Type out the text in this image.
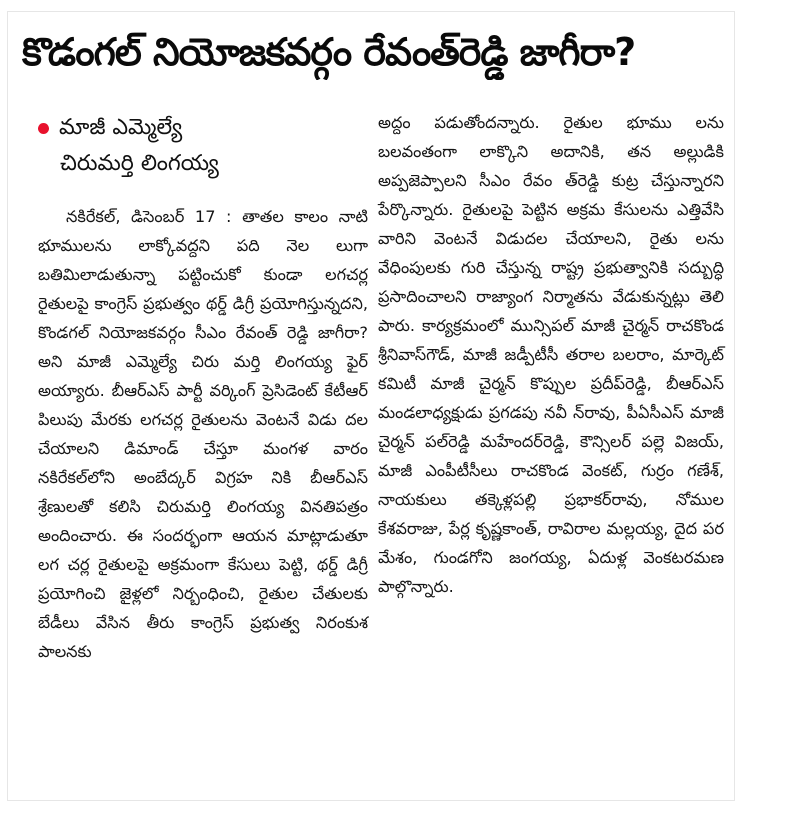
కొడంగల్ నియోజకవర్గం రేవంత్‌రెడ్డి జాగీరా?
మాజీ ఎమ్మెల్యే
చిరుమర్తి లింగయ్య

నకిరేకల్, డిసెంబర్ 17 : తాతల కాలం నాటి భూములను లాక్కోవద్దని పది నెల లుగా బతిమిలాడుతున్నా పట్టించుకో కుండా లగచర్ల రైతులపై కాంగ్రెస్ ప్రభుత్వం థర్డ్ డిగ్రీ ప్రయోగిస్తున్నదని, కొండగల్ నియోజకవర్గం సీఎం రేవంత్ రెడ్డి జాగీరా? అని మాజీ ఎమ్మెల్యే చిరు మర్తి లింగయ్య ఫైర్ అయ్యారు. బీఆర్ఎస్ పార్టీ వర్కింగ్ ప్రెసిడెంట్ కేటీఆర్ పిలుపు మేరకు లగచర్ల రైతులను వెంటనే విడు దల చేయాలని డిమాండ్ చేస్తూ మంగళ వారం నకిరేకల్‌లోని అంబేద్కర్ విగ్రహ నికి బీఆర్ఎస్ శ్రేణులతో కలిసి చిరుమర్తి లింగయ్య వినతిపత్రం అందించారు. ఈ సందర్భంగా ఆయన మాట్లాడుతూ లగ చర్ల రైతులపై అక్రమంగా కేసులు పెట్టి, థర్డ్ డిగ్రీ ప్రయోగించి జైళ్లలో నిర్బంధించి, రైతుల చేతులకు బేడీలు వేసిన తీరు కాంగ్రెస్ ప్రభుత్వ నిరంకుశ పాలనకు

అద్దం పడుతోందన్నారు. రైతుల భూము లను బలవంతంగా లాక్కొని అదానికి, తన అల్లుడికి అప్పజెప్పాలని సీఎం రేవం త్‌రెడ్డి కుట్ర చేస్తున్నారని పేర్కొన్నారు. రైతులపై పెట్టిన అక్రమ కేసులను ఎత్తివేసి వారిని వెంటనే విడుదల చేయాలని, రైతు లను వేధింపులకు గురి చేస్తున్న రాష్ట్ర ప్రభుత్వానికి సద్బుద్ధి ప్రసాదించాలని రాజ్యాంగ నిర్మాతను వేడుకున్నట్లు తెలి పారు. కార్యక్రమంలో మున్సిపల్ మాజీ చైర్మన్ రాచకొండ శ్రీనివాస్‌గౌడ్, మాజీ జడ్పీటీసీ తరాల బలరాం, మార్కెట్ కమిటీ మాజీ చైర్మన్ కొప్పుల ప్రదీప్‌రెడ్డి, బీఆర్ఎస్ మండలాధ్యక్షుడు ప్రగడపు నవీ న్‌రావు, పీఏసీఎస్ మాజీ చైర్మన్ పల్‌రెడ్డి మహేందర్‌రెడ్డి, కౌన్సిలర్ పల్లె విజయ్, మాజీ ఎంపీటీసీలు రాచకొండ వెంకట్, గుర్రం గణేశ్, నాయకులు తక్కెళ్లపల్లి ప్రభాకర్‌రావు, నోముల కేశవరాజు, పేర్ల కృష్ణకాంత్, రావిరాల మల్లయ్య, దైద పర మేశం, గుండగోని జంగయ్య, ఏదుళ్ల వెంకటరమణ పాల్గొన్నారు.
